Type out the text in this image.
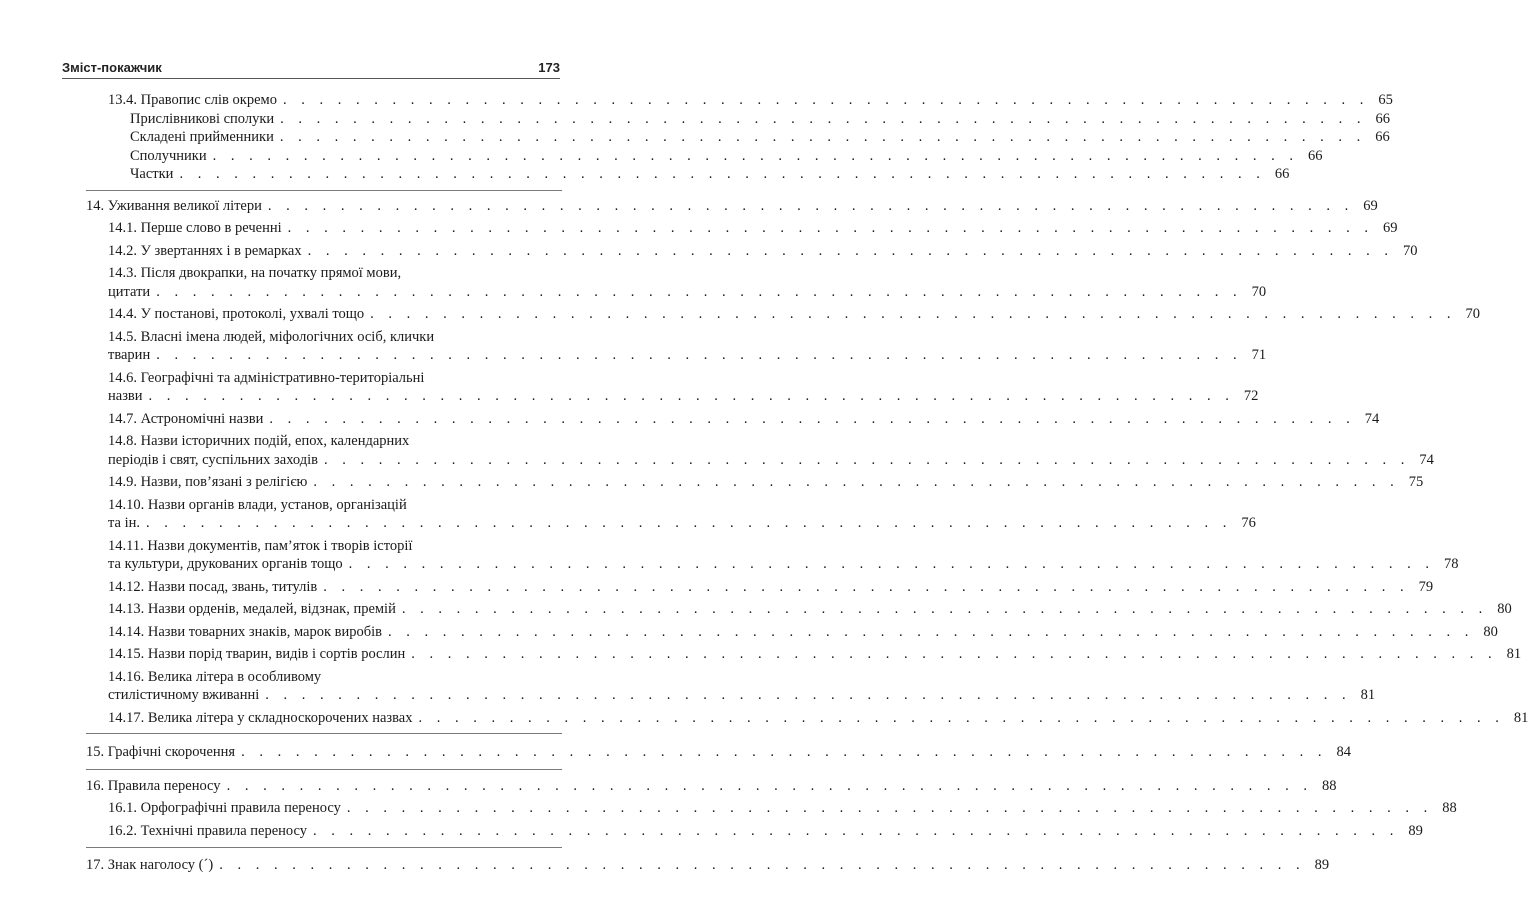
Зміст-покажчик	173
13.4. Правопис слів окремо . . . . . . . . . . . . . . . . . . . . . . . . . . . . . . . . . . . . . . . . . . . . . . . . . . . . . . . . . . . . 65
Прислівникові сполуки . . . . . . . . . . . . . . . . . . . . . . . . . . . . . . . . . . . . . . . . . . . . . . . . . . . . . . . . . . . . 66
Складені прийменники . . . . . . . . . . . . . . . . . . . . . . . . . . . . . . . . . . . . . . . . . . . . . . . . . . . . . . . . . . . . 66
Сполучники . . . . . . . . . . . . . . . . . . . . . . . . . . . . . . . . . . . . . . . . . . . . . . . . . . . . . . . . . . . . 66
Частки . . . . . . . . . . . . . . . . . . . . . . . . . . . . . . . . . . . . . . . . . . . . . . . . . . . . . . . . . . . . 66
14. Уживання великої літери . . . . . . . . . . . . . . . . . . . . . . . . . . . . . . . . . . . . . . . . . . . . . . . . . . . . . . . . . . . . 69
14.1. Перше слово в реченні . . . . . . . . . . . . . . . . . . . . . . . . . . . . . . . . . . . . . . . . . . . . . . . . . . . . . . . . . . . . 69
14.2. У звертаннях і в ремарках . . . . . . . . . . . . . . . . . . . . . . . . . . . . . . . . . . . . . . . . . . . . . . . . . . . . . . . . . . . . 70
14.3. Після двокрапки, на початку прямої мови,
цитати . . . . . . . . . . . . . . . . . . . . . . . . . . . . . . . . . . . . . . . . . . . . . . . . . . . . . . . . . . . . 70
14.4. У постанові, протоколі, ухвалі тощо . . . . . . . . . . . . . . . . . . . . . . . . . . . . . . . . . . . . . . . . . . . . . . . . . . . . . . . . . . . . 70
14.5. Власні імена людей, міфологічних осіб, клички
тварин . . . . . . . . . . . . . . . . . . . . . . . . . . . . . . . . . . . . . . . . . . . . . . . . . . . . . . . . . . . . 71
14.6. Географічні та адміністративно-територіальні
назви . . . . . . . . . . . . . . . . . . . . . . . . . . . . . . . . . . . . . . . . . . . . . . . . . . . . . . . . . . . . 72
14.7. Астрономічні назви . . . . . . . . . . . . . . . . . . . . . . . . . . . . . . . . . . . . . . . . . . . . . . . . . . . . . . . . . . . . 74
14.8. Назви історичних подій, епох, календарних
періодів і свят, суспільних заходів . . . . . . . . . . . . . . . . . . . . . . . . . . . . . . . . . . . . . . . . . . . . . . . . . . . . . . . . . . . . 74
14.9. Назви, пов’язані з релігією . . . . . . . . . . . . . . . . . . . . . . . . . . . . . . . . . . . . . . . . . . . . . . . . . . . . . . . . . . . . 75
14.10. Назви органів влади, установ, організацій
та ін. . . . . . . . . . . . . . . . . . . . . . . . . . . . . . . . . . . . . . . . . . . . . . . . . . . . . . . . . . . . . 76
14.11. Назви документів, пам’яток і творів історії
та культури, друкованих органів тощо . . . . . . . . . . . . . . . . . . . . . . . . . . . . . . . . . . . . . . . . . . . . . . . . . . . . . . . . . . . . 78
14.12. Назви посад, звань, титулів . . . . . . . . . . . . . . . . . . . . . . . . . . . . . . . . . . . . . . . . . . . . . . . . . . . . . . . . . . . . 79
14.13. Назви орденів, медалей, відзнак, премій . . . . . . . . . . . . . . . . . . . . . . . . . . . . . . . . . . . . . . . . . . . . . . . . . . . . . . . . . . . . 80
14.14. Назви товарних знаків, марок виробів . . . . . . . . . . . . . . . . . . . . . . . . . . . . . . . . . . . . . . . . . . . . . . . . . . . . . . . . . . . . 80
14.15. Назви порід тварин, видів і сортів рослин . . . . . . . . . . . . . . . . . . . . . . . . . . . . . . . . . . . . . . . . . . . . . . . . . . . . . . . . . . . . 81
14.16. Велика літера в особливому
стилістичному вживанні . . . . . . . . . . . . . . . . . . . . . . . . . . . . . . . . . . . . . . . . . . . . . . . . . . . . . . . . . . . . 81
14.17. Велика літера у складноскорочених назвах . . . . . . . . . . . . . . . . . . . . . . . . . . . . . . . . . . . . . . . . . . . . . . . . . . . . . . . . . . . . 81
15. Графічні скорочення . . . . . . . . . . . . . . . . . . . . . . . . . . . . . . . . . . . . . . . . . . . . . . . . . . . . . . . . . . . . 84
16. Правила переносу . . . . . . . . . . . . . . . . . . . . . . . . . . . . . . . . . . . . . . . . . . . . . . . . . . . . . . . . . . . . 88
16.1. Орфографічні правила переносу . . . . . . . . . . . . . . . . . . . . . . . . . . . . . . . . . . . . . . . . . . . . . . . . . . . . . . . . . . . . 88
16.2. Технічні правила переносу . . . . . . . . . . . . . . . . . . . . . . . . . . . . . . . . . . . . . . . . . . . . . . . . . . . . . . . . . . . . 89
17. Знак наголосу (´) . . . . . . . . . . . . . . . . . . . . . . . . . . . . . . . . . . . . . . . . . . . . . . . . . . . . . . . . . . . . 89
